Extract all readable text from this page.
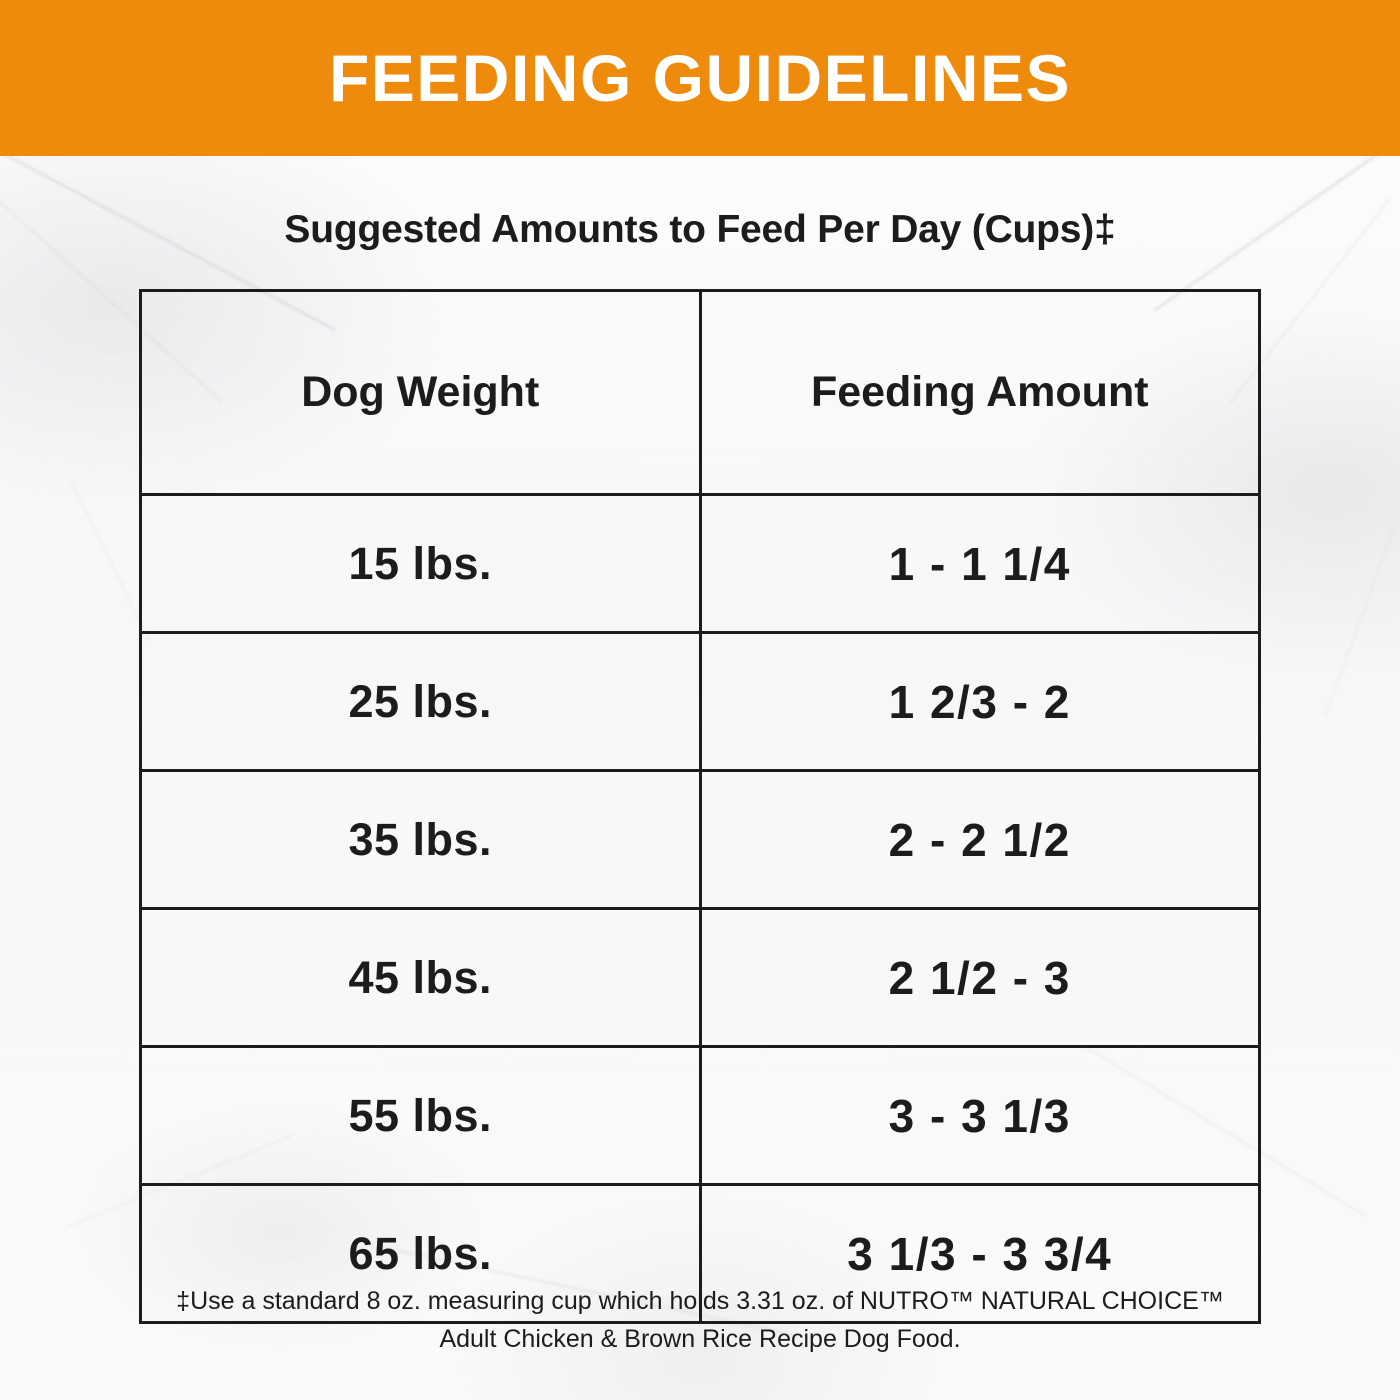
FEEDING GUIDELINES
Suggested Amounts to Feed Per Day (Cups)‡
Dog Weight	Feeding Amount
15 lbs.	1 - 1 1/4
25 lbs.	1 2/3 - 2
35 lbs.	2 - 2 1/2
45 lbs.	2 1/2 - 3
55 lbs.	3 - 3 1/3
65 lbs.	3 1/3 - 3 3/4
‡Use a standard 8 oz. measuring cup which holds 3.31 oz. of NUTRO™ NATURAL CHOICE™
Adult Chicken & Brown Rice Recipe Dog Food.
